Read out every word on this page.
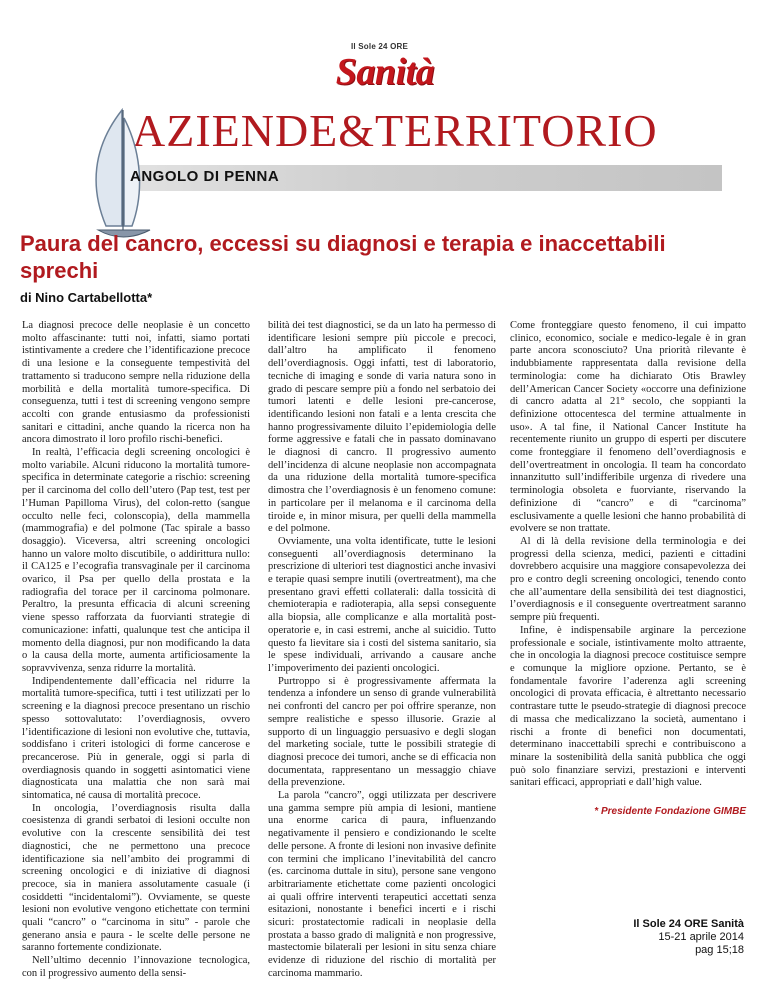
Il Sole 24 ORE
Sanità
AZIENDE&TERRITORIO
ANGOLO DI PENNA
Paura del cancro, eccessi su diagnosi e terapia e inaccettabili sprechi
di Nino Cartabellotta*

La diagnosi precoce delle neoplasie è un concetto molto affascinante: tutti noi, infatti, siamo portati istintivamente a credere che l’identificazione precoce di una lesione e la conseguente tempestività del trattamento si traducono sempre nella riduzione della morbilità e della mortalità tumore-specifica. Di conseguenza, tutti i test di screening vengono sempre accolti con grande entusiasmo da professionisti sanitari e cittadini, anche quando la ricerca non ha ancora dimostrato il loro profilo rischi-benefici.

In realtà, l’efficacia degli screening oncologici è molto variabile. Alcuni riducono la mortalità tumore-specifica in determinate categorie a rischio: screening per il carcinoma del collo dell’utero (Pap test, test per l’Human Papilloma Virus), del colon-retto (sangue occulto nelle feci, colonscopia), della mammella (mammografia) e del polmone (Tac spirale a basso dosaggio). Viceversa, altri screening oncologici hanno un valore molto discutibile, o addirittura nullo: il CA125 e l’ecografia transvaginale per il carcinoma ovarico, il Psa per quello della prostata e la radiografia del torace per il carcinoma polmonare. Peraltro, la presunta efficacia di alcuni screening viene spesso rafforzata da fuorvianti strategie di comunicazione: infatti, qualunque test che anticipa il momento della diagnosi, pur non modificando la data o la causa della morte, aumenta artificiosamente la sopravvivenza, senza ridurre la mortalità.

Indipendentemente dall’efficacia nel ridurre la mortalità tumore-specifica, tutti i test utilizzati per lo screening e la diagnosi precoce presentano un rischio spesso sottovalutato: l’overdiagnosis, ovvero l’identificazione di lesioni non evolutive che, tuttavia, soddisfano i criteri istologici di forme cancerose e precancerose. Più in generale, oggi si parla di overdiagnosis quando in soggetti asintomatici viene diagnosticata una malattia che non sarà mai sintomatica, né causa di mortalità precoce.

In oncologia, l’overdiagnosis risulta dalla coesistenza di grandi serbatoi di lesioni occulte non evolutive con la crescente sensibilità dei test diagnostici, che ne permettono una precoce identificazione sia nell’ambito dei programmi di screening oncologici e di iniziative di diagnosi precoce, sia in maniera assolutamente casuale (i cosiddetti “incidentalomi”). Ovviamente, se queste lesioni non evolutive vengono etichettate con termini quali “cancro” o “carcinoma in situ” - parole che generano ansia e paura - le scelte delle persone ne saranno fortemente condizionate.

Nell’ultimo decennio l’innovazione tecnologica, con il progressivo aumento della sensi-

bilità dei test diagnostici, se da un lato ha permesso di identificare lesioni sempre più piccole e precoci, dall’altro ha amplificato il fenomeno dell’overdiagnosis. Oggi infatti, test di laboratorio, tecniche di imaging e sonde di varia natura sono in grado di pescare sempre più a fondo nel serbatoio dei tumori latenti e delle lesioni pre-cancerose, identificando lesioni non fatali e a lenta crescita che hanno progressivamente diluito l’epidemiologia delle forme aggressive e fatali che in passato dominavano le diagnosi di cancro. Il progressivo aumento dell’incidenza di alcune neoplasie non accompagnata da una riduzione della mortalità tumore-specifica dimostra che l’overdiagnosis è un fenomeno comune: in particolare per il melanoma e il carcinoma della tiroide e, in minor misura, per quelli della mammella e del polmone.

Ovviamente, una volta identificate, tutte le lesioni conseguenti all’overdiagnosis determinano la prescrizione di ulteriori test diagnostici anche invasivi e terapie quasi sempre inutili (overtreatment), ma che presentano gravi effetti collaterali: dalla tossicità di chemioterapia e radioterapia, alla sepsi conseguente alla biopsia, alle complicanze e alla mortalità post-operatorie e, in casi estremi, anche al suicidio. Tutto questo fa lievitare sia i costi del sistema sanitario, sia le spese individuali, arrivando a causare anche l’impoverimento dei pazienti oncologici.

Purtroppo si è progressivamente affermata la tendenza a infondere un senso di grande vulnerabilità nei confronti del cancro per poi offrire speranze, non sempre realistiche e spesso illusorie. Grazie al supporto di un linguaggio persuasivo e degli slogan del marketing sociale, tutte le possibili strategie di diagnosi precoce dei tumori, anche se di efficacia non documentata, rappresentano un messaggio chiave della prevenzione.

La parola “cancro”, oggi utilizzata per descrivere una gamma sempre più ampia di lesioni, mantiene una enorme carica di paura, influenzando negativamente il pensiero e condizionando le scelte delle persone. A fronte di lesioni non invasive definite con termini che implicano l’inevitabilità del cancro (es. carcinoma duttale in situ), persone sane vengono arbitrariamente etichettate come pazienti oncologici ai quali offrire interventi terapeutici accettati senza esitazioni, nonostante i benefici incerti e i rischi sicuri: prostatectomie radicali in neoplasie della prostata a basso grado di malignità e non progressive, mastectomie bilaterali per lesioni in situ senza chiare evidenze di riduzione del rischio di mortalità per carcinoma mammario.

Come fronteggiare questo fenomeno, il cui impatto clinico, economico, sociale e medico-legale è in gran parte ancora sconosciuto? Una priorità rilevante è indubbiamente rappresentata dalla revisione della terminologia: come ha dichiarato Otis Brawley dell’American Cancer Society «occorre una definizione di cancro adatta al 21° secolo, che soppianti la definizione ottocentesca del termine attualmente in uso». A tal fine, il National Cancer Institute ha recentemente riunito un gruppo di esperti per discutere come fronteggiare il fenomeno dell’overdiagnosis e dell’overtreatment in oncologia. Il team ha concordato innanzitutto sull’indifferibile urgenza di rivedere una terminologia obsoleta e fuorviante, riservando la definizione di “cancro” e di “carcinoma” esclusivamente a quelle lesioni che hanno probabilità di evolvere se non trattate.

Al di là della revisione della terminologia e dei progressi della scienza, medici, pazienti e cittadini dovrebbero acquisire una maggiore consapevolezza dei pro e contro degli screening oncologici, tenendo conto che all’aumentare della sensibilità dei test diagnostici, l’overdiagnosis e il conseguente overtreatment saranno sempre più frequenti.

Infine, è indispensabile arginare la percezione professionale e sociale, istintivamente molto attraente, che in oncologia la diagnosi precoce costituisce sempre e comunque la migliore opzione. Pertanto, se è fondamentale favorire l’aderenza agli screening oncologici di provata efficacia, è altrettanto necessario contrastare tutte le pseudo-strategie di diagnosi precoce di massa che medicalizzano la società, aumentano i rischi a fronte di benefici non documentati, determinano inaccettabili sprechi e contribuiscono a minare la sostenibilità della sanità pubblica che oggi può solo finanziare servizi, prestazioni e interventi sanitari efficaci, appropriati e dall’high value.

* Presidente Fondazione GIMBE
Il Sole 24 ORE Sanità
15-21 aprile 2014
pag 15;18
